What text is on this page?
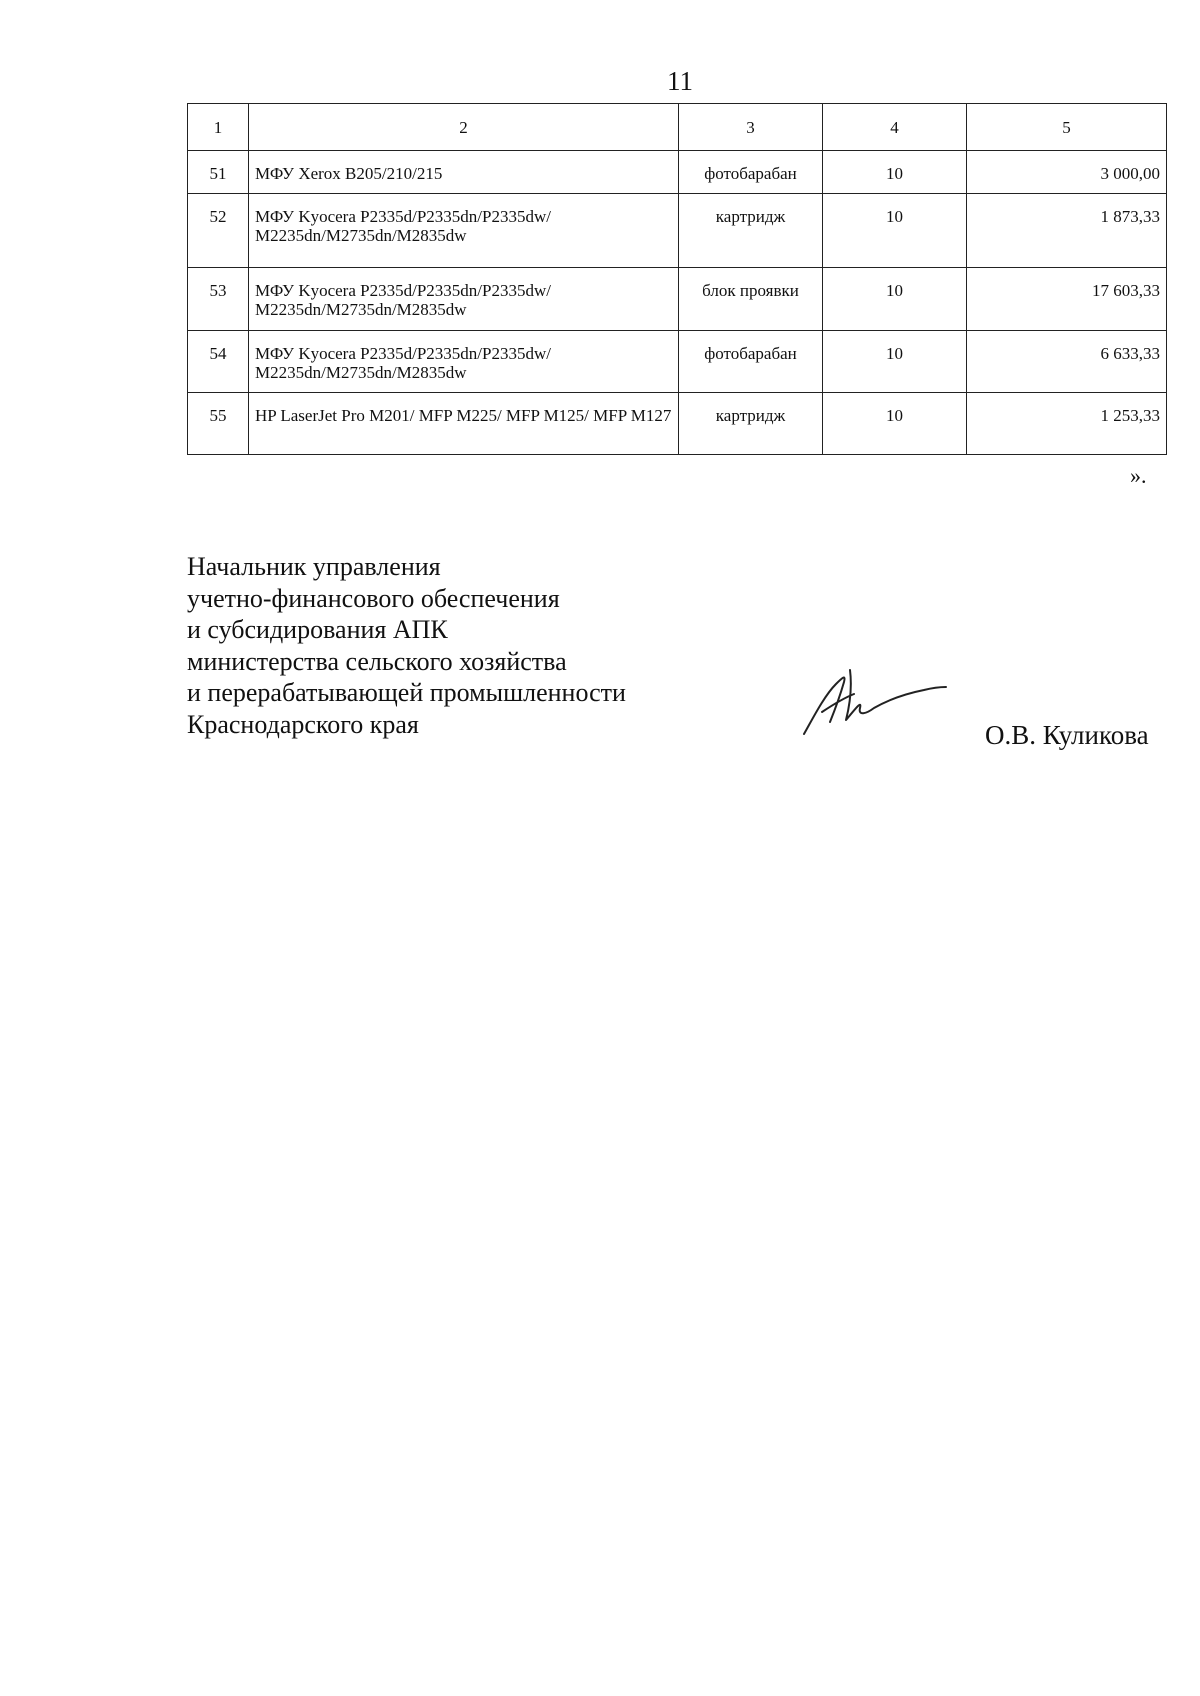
11
1	2	3	4	5

51	МФУ Xerox B205/210/215	фотобарабан	10	3 000,00

52	МФУ Kyocera P2335d/P2335dn/P2335dw/ M2235dn/M2735dn/M2835dw	картридж	10	1 873,33

53	МФУ Kyocera P2335d/P2335dn/P2335dw/ M2235dn/M2735dn/M2835dw	блок проявки	10	17 603,33

54	МФУ Kyocera P2335d/P2335dn/P2335dw/ M2235dn/M2735dn/M2835dw	фотобарабан	10	6 633,33

55	HP LaserJet Pro M201/ MFP M225/ MFP M125/ MFP M127	картридж	10	1 253,33
».
Начальник управления
учетно-финансового обеспечения
и субсидирования АПК
министерства сельского хозяйства
и перерабатывающей промышленности
Краснодарского края	О.В. Куликова
